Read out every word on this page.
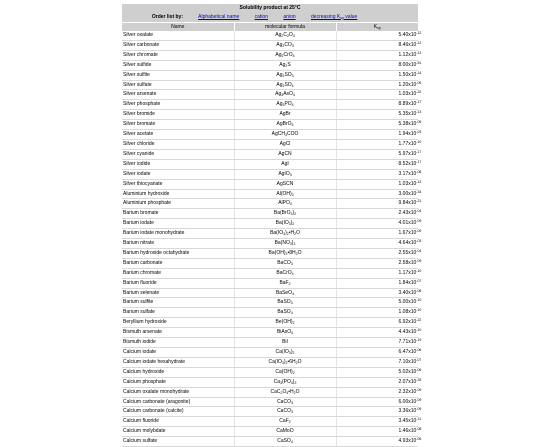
Solubility product at 25°C		
Order list by: Alphabetical name cation anion decreasing $K_{sp}$ value		
Name	molecular formula	$K_{sp}$
Silver oxalate	$Ag_2C_2O_4$	$5.40x10^{-12}$
Silver carbonate	$Ag_2CO_3$	$8.46x10^{-12}$
Silver chromate	$Ag_2CrO_4$	$1.12x10^{-12}$
Silver sulfide	$Ag_2S$	$8.00x10^{-51}$
Silver sulfite	$Ag_2SO_3$	$1.50x10^{-14}$
Silver sulfate	$Ag_2SO_4$	$1.20x10^{-05}$
Silver arsenate	$Ag_3AsO_4$	$1.03x10^{-22}$
Silver phosphate	$Ag_3PO_4$	$8.89x10^{-17}$
Silver bromide	AgBr	$5.35x10^{-13}$
Silver bromate	AgBrO$_3$	$5.38x10^{-05}$
Silver acetate	AgCH$_3$COO	$1.94x10^{-03}$
Silver chloride	AgCl	$1.77x10^{-10}$
Silver cyanide	AgCN	$5.97x10^{-17}$
Silver iodide	AgI	$8.52x10^{-17}$
Silver iodate	AgIO$_3$	$3.17x10^{-08}$
Silver thiocyanate	AgSCN	$1.03x10^{-12}$
Aluminium hydroxide	$Al(OH)_3$	$3.00x10^{-34}$
Aluminium phosphate	AlPO$_4$	$9.84x10^{-21}$
Barium bromate	$Ba(BrO_3)_2$	$2.43x10^{-04}$
Barium iodate	$Ba(IO_3)_2$	$4.01x10^{-09}$
Barium iodate monohydrate	$Ba(IO_3)_2•H_2O$	$1.67x10^{-09}$
Barium nitrate	$Ba(NO_3)_2$	$4.64x10^{-03}$
Barium hydroxide octahydrate	$Ba(OH)_2•8H_2O$	$2.55x10^{-04}$
Barium carbonate	BaCO$_3$	$2.58x10^{-09}$
Barium chromate	BaCrO$_4$	$1.17x10^{-10}$
Barium fluoride	BaF$_2$	$1.84x10^{-07}$
Barium selenate	BaSeO$_4$	$3.40x10^{-08}$
Barium sulfite	BaSO$_3$	$5.00x10^{-10}$
Barium sulfate	BaSO$_4$	$1.08x10^{-10}$
Beryllium hydroxide	$Be(OH)_2$	$6.92x10^{-22}$
Bismuth arsenate	BiAsO$_4$	$4.43x10^{-10}$
Bismuth iodide	BiI	$7.71x10^{-19}$
Calcium iodate	$Ca(IO_3)_2$	$6.47x10^{-06}$
Calcium iodate hexahydrate	$Ca(IO_3)_2•6H_2O$	$7.10x10^{-07}$
Calcium hydroxide	$Ca(OH)_2$	$5.02x10^{-06}$
Calcium phosphate	$Ca_3(PO_4)_2$	$2.07x10^{-33}$
Calcium oxalate monohydrate	$CaC_2O_4•H_2O$	$2.32x10^{-09}$
Calcium carbonate (aragonite)	CaCO$_3$	$6.00x10^{-09}$
Calcium carbonate (calcite)	CaCO$_3$	$3.36x10^{-09}$
Calcium fluoride	CaF$_2$	$3.45x10^{-11}$
Calcium molybdate	CaMoO	$1.46x10^{-08}$
Calcium sulfate	CaSO$_4$	$4.93x10^{-05}$
